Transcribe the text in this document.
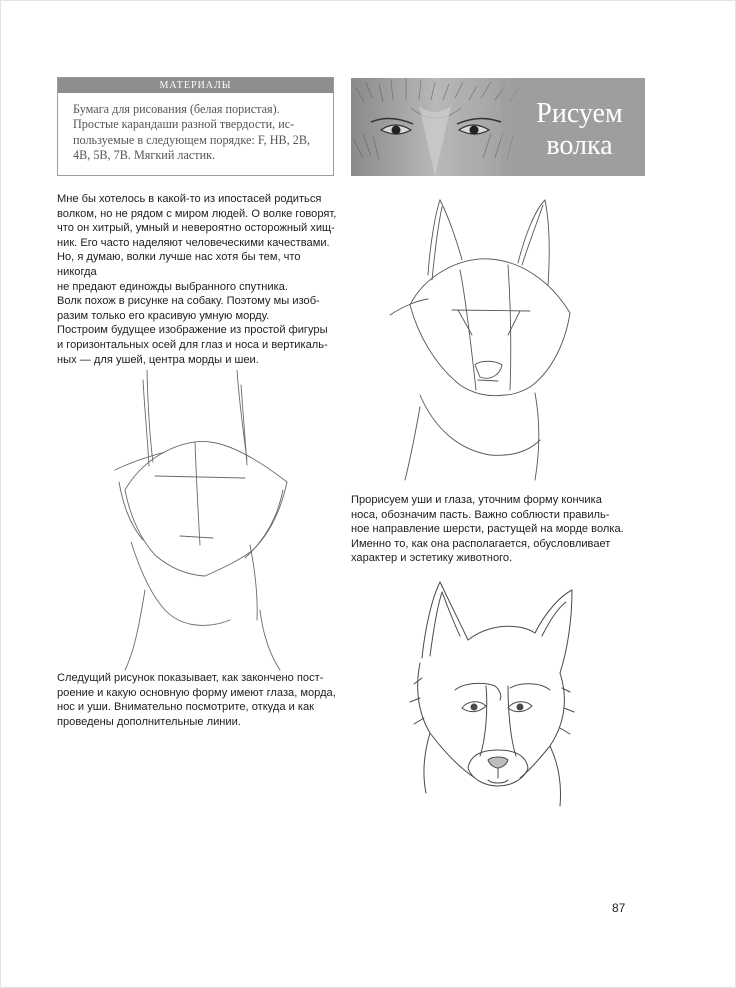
МАТЕРИАЛЫ
Бумага для рисования (белая пористая).
Простые карандаши разной твердости, ис-
пользуемые в следующем порядке: F, HB, 2B,
4B, 5B, 7B. Мягкий ластик.
Рисуем
волка
Мне бы хотелось в какой-то из ипостасей родиться
волком, но не рядом с миром людей. О волке говорят,
что он хитрый, умный и невероятно осторожный хищ-
ник. Его часто наделяют человеческими качествами.
Но, я думаю, волки лучше нас хотя бы тем, что никогда
не предают единожды выбранного спутника.
Волк похож в рисунке на собаку. Поэтому мы изоб-
разим только его красивую умную морду.
Построим будущее изображение из простой фигуры
и горизонтальных осей для глаз и носа и вертикаль-
ных — для ушей, центра морды и шеи.
Прорисуем уши и глаза, уточним форму кончика
носа, обозначим пасть. Важно соблюсти правиль-
ное направление шерсти, растущей на морде волка.
Именно то, как она располагается, обусловливает
характер и эстетику животного.
Следущий рисунок показывает, как закончено пост-
роение и какую основную форму имеют глаза, морда,
нос и уши. Внимательно посмотрите, откуда и как
проведены дополнительные линии.
87
